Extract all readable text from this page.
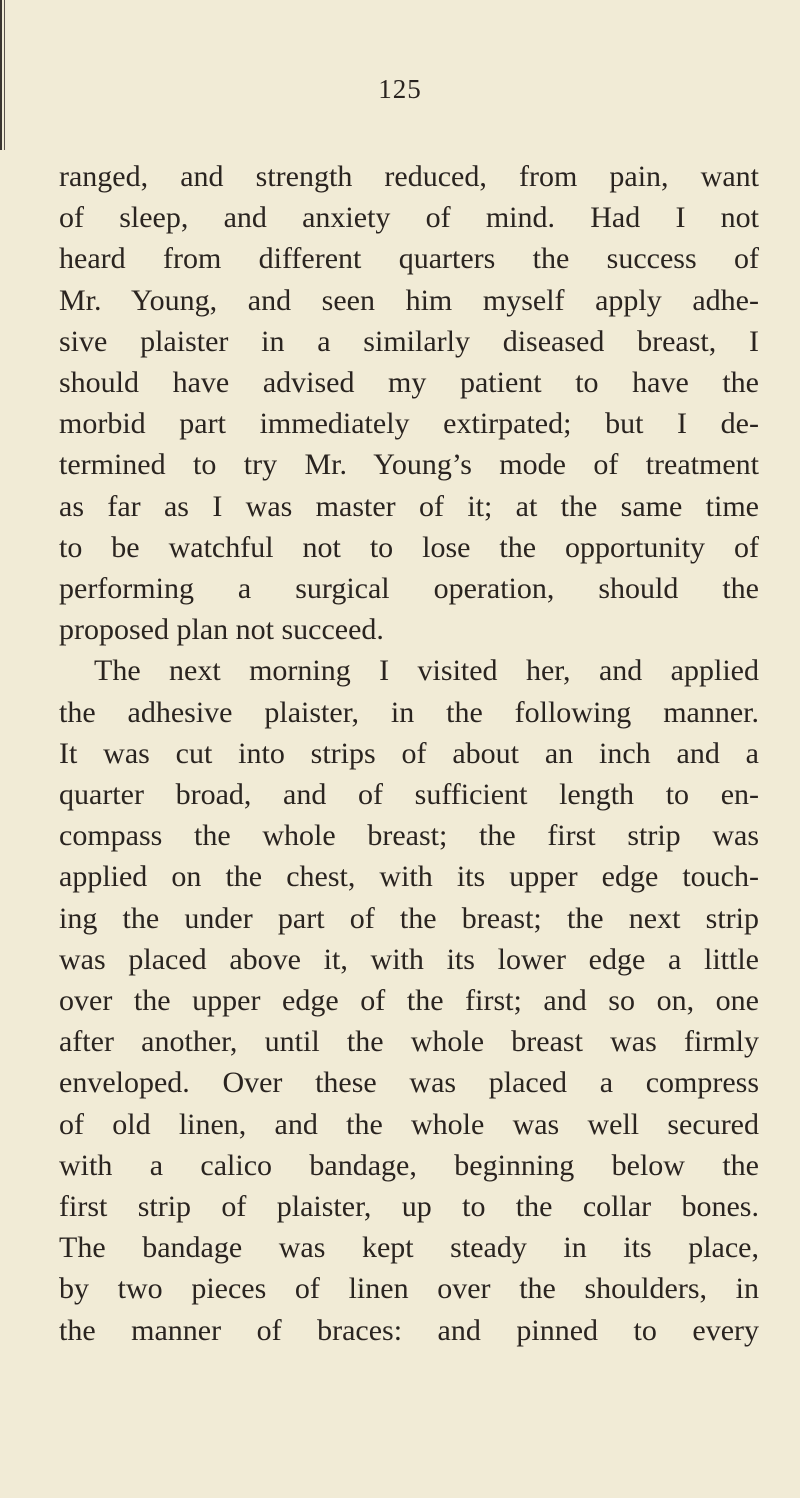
125
ranged, and strength reduced, from pain, want
of sleep, and anxiety of mind. Had I not
heard from different quarters the success of
Mr. Young, and seen him myself apply adhe-
sive plaister in a similarly diseased breast, I
should have advised my patient to have the
morbid part immediately extirpated; but I de-
termined to try Mr. Young’s mode of treatment
as far as I was master of it; at the same time
to be watchful not to lose the opportunity of
performing a surgical operation, should the
proposed plan not succeed.
The next morning I visited her, and applied
the adhesive plaister, in the following manner.
It was cut into strips of about an inch and a
quarter broad, and of sufficient length to en-
compass the whole breast; the first strip was
applied on the chest, with its upper edge touch-
ing the under part of the breast; the next strip
was placed above it, with its lower edge a little
over the upper edge of the first; and so on, one
after another, until the whole breast was firmly
enveloped. Over these was placed a compress
of old linen, and the whole was well secured
with a calico bandage, beginning below the
first strip of plaister, up to the collar bones.
The bandage was kept steady in its place,
by two pieces of linen over the shoulders, in
the manner of braces: and pinned to every
